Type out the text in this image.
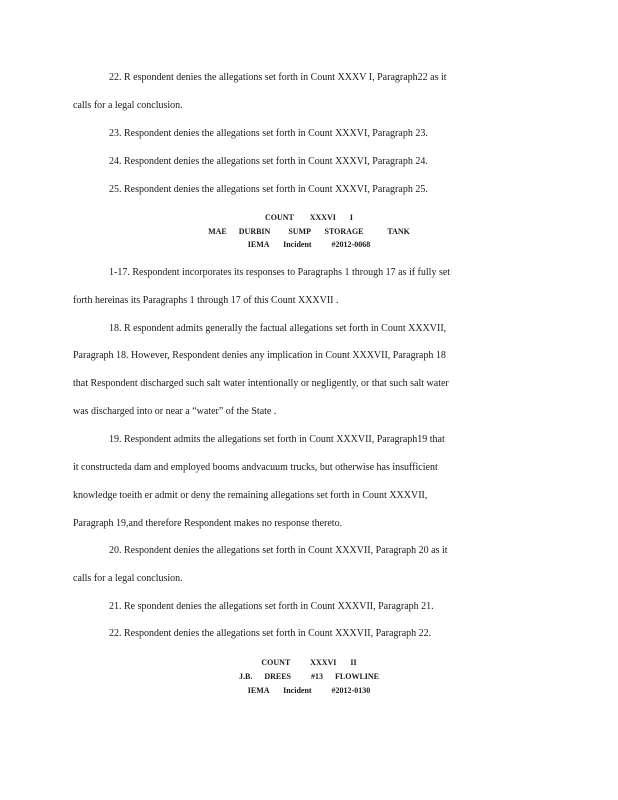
22. R espondent denies the allegations set forth in Count XXXV I, Paragraph22 as it
calls for a legal conclusion.
23. Respondent denies the allegations set forth in Count XXXVI, Paragraph 23.
24. Respondent denies the allegations set forth in Count XXXVI, Paragraph 24.
25. Respondent denies the allegations set forth in Count XXXVI, Paragraph 25.
COUNT        XXXVI       I
MAE      DURBIN         SUMP       STORAGE            TANK
IEMA       Incident          #2012-0068
1-17. Respondent incorporates its responses to Paragraphs 1 through 17 as if fully set
forth hereinas its Paragraphs 1 through 17 of this Count XXXVII .
18. R espondent admits generally the factual allegations set forth in Count XXXVII,
Paragraph 18. However, Respondent denies any implication in Count XXXVII, Paragraph 18
that Respondent discharged such salt water intentionally or negligently, or that such salt water
was discharged into or near a “water” of the State .
19. Respondent admits the allegations set forth in Count XXXVII, Paragraph19 that
it constructeda dam and employed booms andvacuum trucks, but otherwise has insufficient
knowledge toeith er admit or deny the remaining allegations set forth in Count XXXVII,
Paragraph 19,and therefore Respondent makes no response thereto.
20. Respondent denies the allegations set forth in Count XXXVII, Paragraph 20 as it
calls for a legal conclusion.
21. Re spondent denies the allegations set forth in Count XXXVII, Paragraph 21.
22. Respondent denies the allegations set forth in Count XXXVII, Paragraph 22.
COUNT          XXXVI       II
J.B.      DREES          #13      FLOWLINE
IEMA       Incident          #2012-0130
